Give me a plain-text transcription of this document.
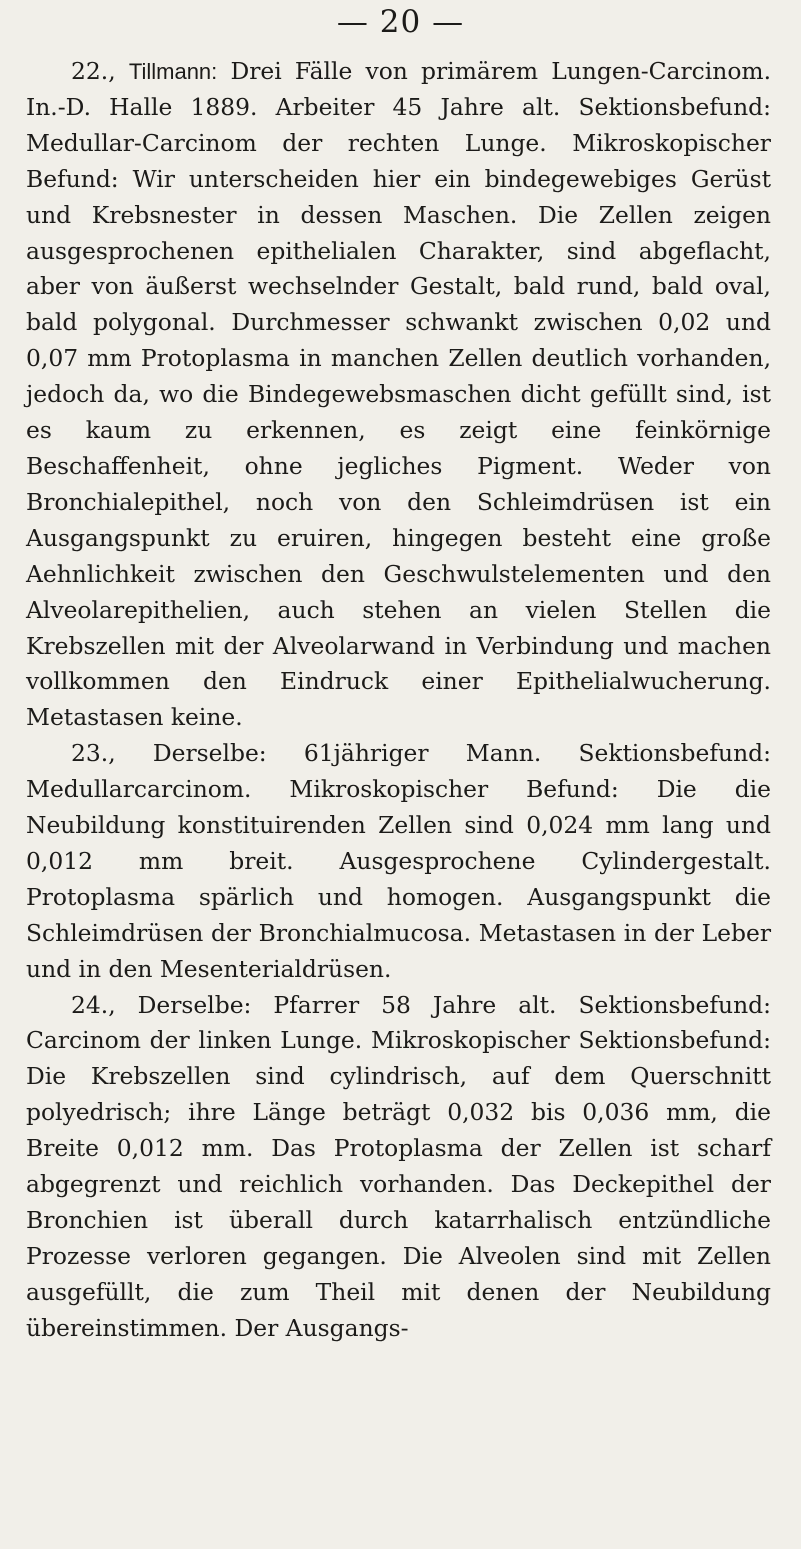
— 20 —

22., Tillmann: Drei Fälle von primärem Lungen-Carcinom. In.-D. Halle 1889. Arbeiter 45 Jahre alt. Sektionsbefund: Medullar-Carcinom der rechten Lunge. Mikroskopischer Befund: Wir unterscheiden hier ein bindegewebiges Gerüst und Krebsnester in dessen Maschen. Die Zellen zeigen ausgesprochenen epithelialen Charakter, sind abgeflacht, aber von äußerst wechselnder Gestalt, bald rund, bald oval, bald polygonal. Durchmesser schwankt zwischen 0,02 und 0,07 mm Protoplasma in manchen Zellen deutlich vorhanden, jedoch da, wo die Bindegewebsmaschen dicht gefüllt sind, ist es kaum zu erkennen, es zeigt eine feinkörnige Beschaffenheit, ohne jegliches Pigment. Weder von Bronchialepithel, noch von den Schleimdrüsen ist ein Ausgangspunkt zu eruiren, hingegen besteht eine große Aehnlichkeit zwischen den Geschwulstelementen und den Alveolarepithelien, auch stehen an vielen Stellen die Krebszellen mit der Alveolarwand in Verbindung und machen vollkommen den Eindruck einer Epithelialwucherung. Metastasen keine.

23., Derselbe: 61jähriger Mann. Sektionsbefund: Medullarcarcinom. Mikroskopischer Befund: Die die Neubildung konstituirenden Zellen sind 0,024 mm lang und 0,012 mm breit. Ausgesprochene Cylindergestalt. Protoplasma spärlich und homogen. Ausgangspunkt die Schleimdrüsen der Bronchialmucosa. Metastasen in der Leber und in den Mesenterialdrüsen.

24., Derselbe: Pfarrer 58 Jahre alt. Sektionsbefund: Carcinom der linken Lunge. Mikroskopischer Sektionsbefund: Die Krebszellen sind cylindrisch, auf dem Querschnitt polyedrisch; ihre Länge beträgt 0,032 bis 0,036 mm, die Breite 0,012 mm. Das Protoplasma der Zellen ist scharf abgegrenzt und reichlich vorhanden. Das Deckepithel der Bronchien ist überall durch katarrhalisch entzündliche Prozesse verloren gegangen. Die Alveolen sind mit Zellen ausgefüllt, die zum Theil mit denen der Neubildung übereinstimmen. Der Ausgangs-
